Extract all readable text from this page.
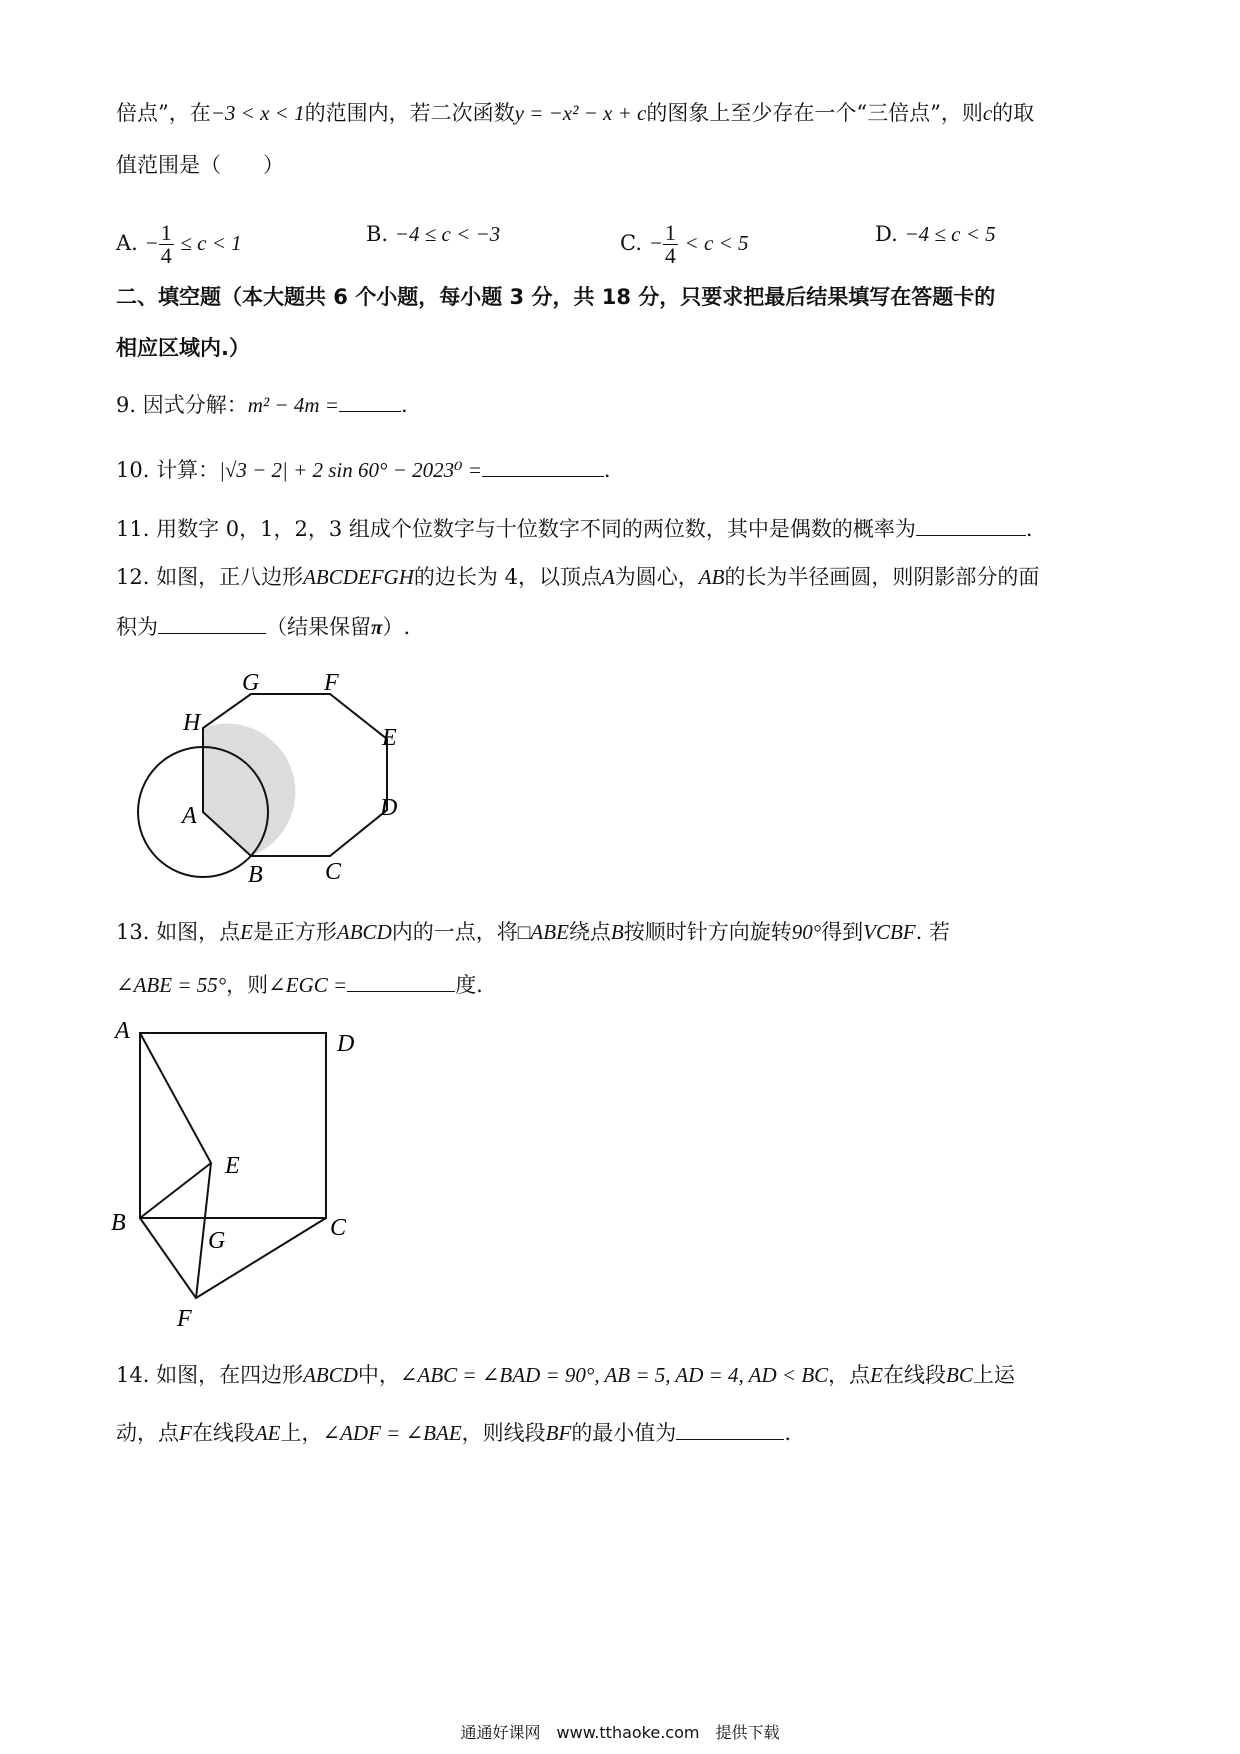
倍点”，在−3 < x < 1的范围内，若二次函数y = −x² − x + c的图象上至少存在一个“三倍点”，则c的取
值范围是（　　）
A. − $\frac{1}{4} \le c < 1$	B. −4 ≤ c < −3	C. − $\frac{1}{4} < c < 5$	D. −4 ≤ c < 5
二、填空题（本大题共 6 个小题，每小题 3 分，共 18 分，只要求把最后结果填写在答题卡的
相应区域内.）
9. 因式分解：m² − 4m =	.
10. 计算：|√3 − 2| + 2 sin 60° − 2023⁰ =	.
11. 用数字 0，1，2，3 组成个位数字与十位数字不同的两位数，其中是偶数的概率为	.
12. 如图，正八边形ABCDEFGH的边长为 4，以顶点A为圆心，AB的长为半径画圆，则阴影部分的面
积为	（结果保留π）.
G	F
H
E
D
A
B	C
13. 如图，点E是正方形ABCD内的一点，将□ABE绕点B按顺时针方向旋转90°得到VCBF. 若
∠ABE = 55°，则∠EGC =	度.
A	D
E
B
G	C
F
14. 如图，在四边形ABCD中，∠ABC = ∠BAD = 90°, AB = 5, AD = 4, AD < BC，点E在线段BC上运
动，点F在线段AE上，∠ADF = ∠BAE，则线段BF的最小值为	.
通通好课网　www.tthaoke.com　提供下载
